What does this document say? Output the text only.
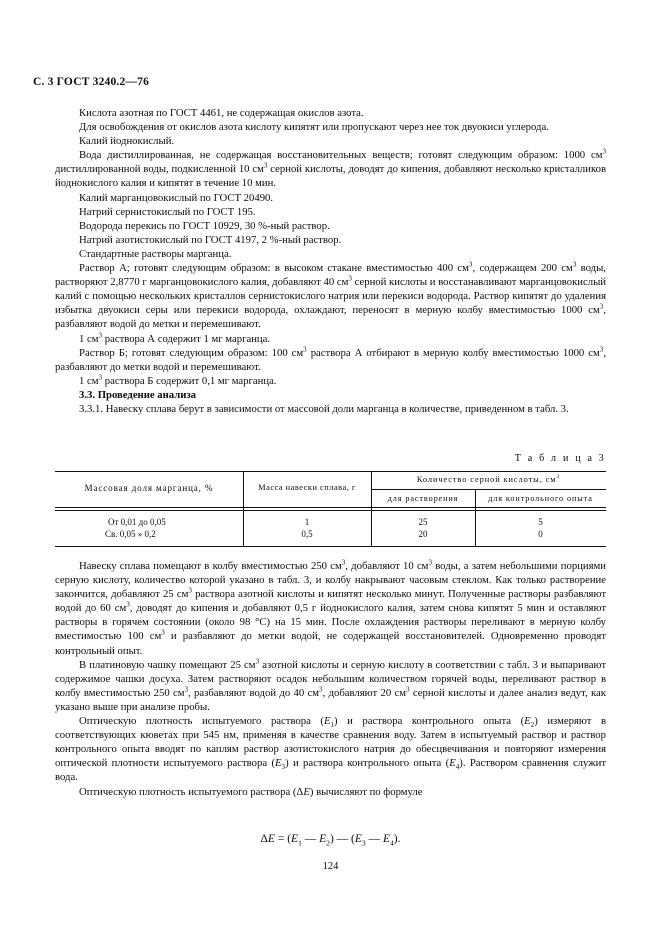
С. 3 ГОСТ 3240.2—76

Кислота азотная по ГОСТ 4461, не содержащая окислов азота.

Для освобождения от окислов азота кислоту кипятят или пропускают через нее ток двуокиси углерода.

Калий йоднокислый.

Вода дистиллированная, не содержащая восстановительных веществ; готовят следующим образом: 1000 $см^3$ дистиллированной воды, подкисленной 10 $см^3$ серной кислоты, доводят до кипения, добавляют несколько кристалликов йоднокислого калия и кипятят в течение 10 мин.

Калий марганцовокислый по ГОСТ 20490.

Натрий сернистокислый по ГОСТ 195.

Водорода перекись по ГОСТ 10929, 30 %-ный раствор.

Натрий азотистокислый по ГОСТ 4197, 2 %-ный раствор.

Стандартные растворы марганца.

Раствор А; готовят следующим образом: в высоком стакане вместимостью 400 $см^3$, содержащем 200 $см^3$ воды, растворяют 2,8770 г марганцовокислого калия, добавляют 40 $см^3$ серной кислоты и восстанавливают марганцовокислый калий с помощью нескольких кристаллов сернистокислого натрия или перекиси водорода. Раствор кипятят до удаления избытка двуокиси серы или перекиси водорода, охлаждают, переносят в мерную колбу вместимостью 1000 $см^3$, разбавляют водой до метки и перемешивают.

1 $см^3$ раствора А содержит 1 мг марганца.

Раствор Б; готовят следующим образом: 100 $см^3$ раствора А отбирают в мерную колбу вместимостью 1000 $см^3$, разбавляют до метки водой и перемешивают.

1 $см^3$ раствора Б содержит 0,1 мг марганца.

3.3. Проведение анализа

3.3.1. Навеску сплава берут в зависимости от массовой доли марганца в количестве, приведенном в табл. 3.

Т а б л и ц а 3
Массовая доля марганца, %	Масса навески сплава, г
Количество серной кислоты, $см^3$
для растворения	для контрольного опыта
От 0,01 до 0,05	1	25	5
Св. 0,05 » 0,2	0,5	20	0

Навеску сплава помещают в колбу вместимостью 250 $см^3$, добавляют 10 $см^3$ воды, а затем небольшими порциями серную кислоту, количество которой указано в табл. 3, и колбу накрывают часовым стеклом. Как только растворение закончится, добавляют 25 $см^3$ раствора азотной кислоты и кипятят несколько минут. Полученные растворы разбавляют водой до 60 $см^3$, доводят до кипения и добавляют 0,5 г йоднокислого калия, затем снова кипятят 5 мин и оставляют растворы в горячем состоянии (около 98 °C) на 15 мин. После охлаждения растворы переливают в мерную колбу вместимостью 100 $см^3$ и разбавляют до метки водой, не содержащей восстановителей. Одновременно проводят контрольный опыт.

В платиновую чашку помещают 25 $см^3$ азотной кислоты и серную кислоту в соответствии с табл. 3 и выпаривают содержимое чашки досуха. Затем растворяют осадок небольшим количеством горячей воды, переливают раствор в колбу вместимостью 250 $см^3$, разбавляют водой до 40 $см^3$, добавляют 20 $см^3$ серной кислоты и далее анализ ведут, как указано выше при анализе пробы.

Оптическую плотность испытуемого раствора $(E_1)$ и раствора контрольного опыта $(E_2)$ измеряют в соответствующих кюветах при 545 нм, применяя в качестве сравнения воду. Затем в испытуемый раствор и раствор контрольного опыта вводят по каплям раствор азотистокислого натрия до обесцвечивания и повторяют измерения оптической плотности испытуемого раствора $(E_3)$ и раствора контрольного опыта $(E_4)$. Раствором сравнения служит вода.

Оптическую плотность испытуемого раствора (ΔE) вычисляют по формуле

$\Delta E = (E_1$ — $E_2$) — ($E_3$ — $E_4$).
124
